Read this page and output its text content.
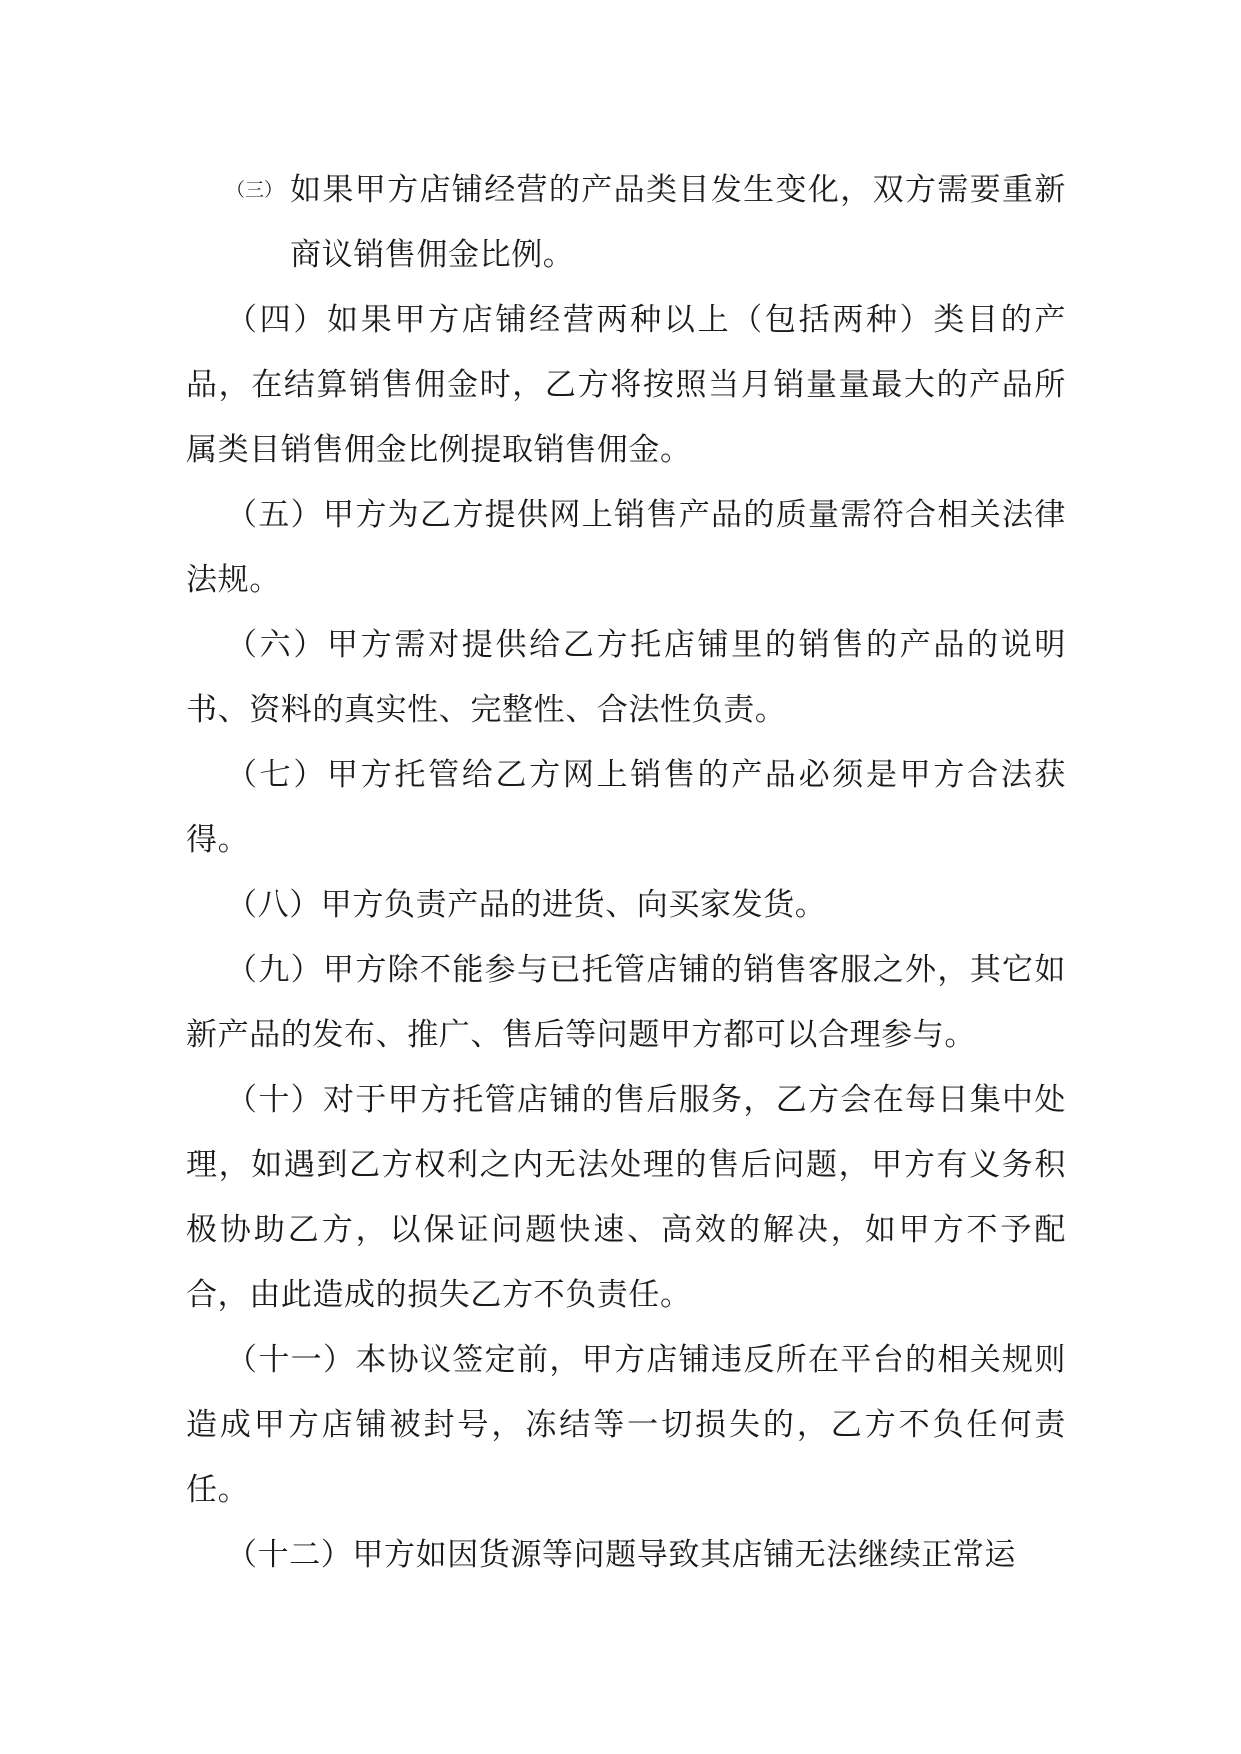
（三） 如果甲方店铺经营的产品类目发生变化，双方需要重新商议销售佣金比例。

（四）如果甲方店铺经营两种以上（包括两种）类目的产品，在结算销售佣金时，乙方将按照当月销量量最大的产品所属类目销售佣金比例提取销售佣金。

（五）甲方为乙方提供网上销售产品的质量需符合相关法律法规。

（六）甲方需对提供给乙方托店铺里的销售的产品的说明书、资料的真实性、完整性、合法性负责。

（七）甲方托管给乙方网上销售的产品必须是甲方合法获得。

（八）甲方负责产品的进货、向买家发货。

（九）甲方除不能参与已托管店铺的销售客服之外，其它如新产品的发布、推广、售后等问题甲方都可以合理参与。

（十）对于甲方托管店铺的售后服务，乙方会在每日集中处理，如遇到乙方权利之内无法处理的售后问题，甲方有义务积极协助乙方，以保证问题快速、高效的解决，如甲方不予配合，由此造成的损失乙方不负责任。

（十一）本协议签定前，甲方店铺违反所在平台的相关规则造成甲方店铺被封号，冻结等一切损失的，乙方不负任何责任。

（十二）甲方如因货源等问题导致其店铺无法继续正常运
